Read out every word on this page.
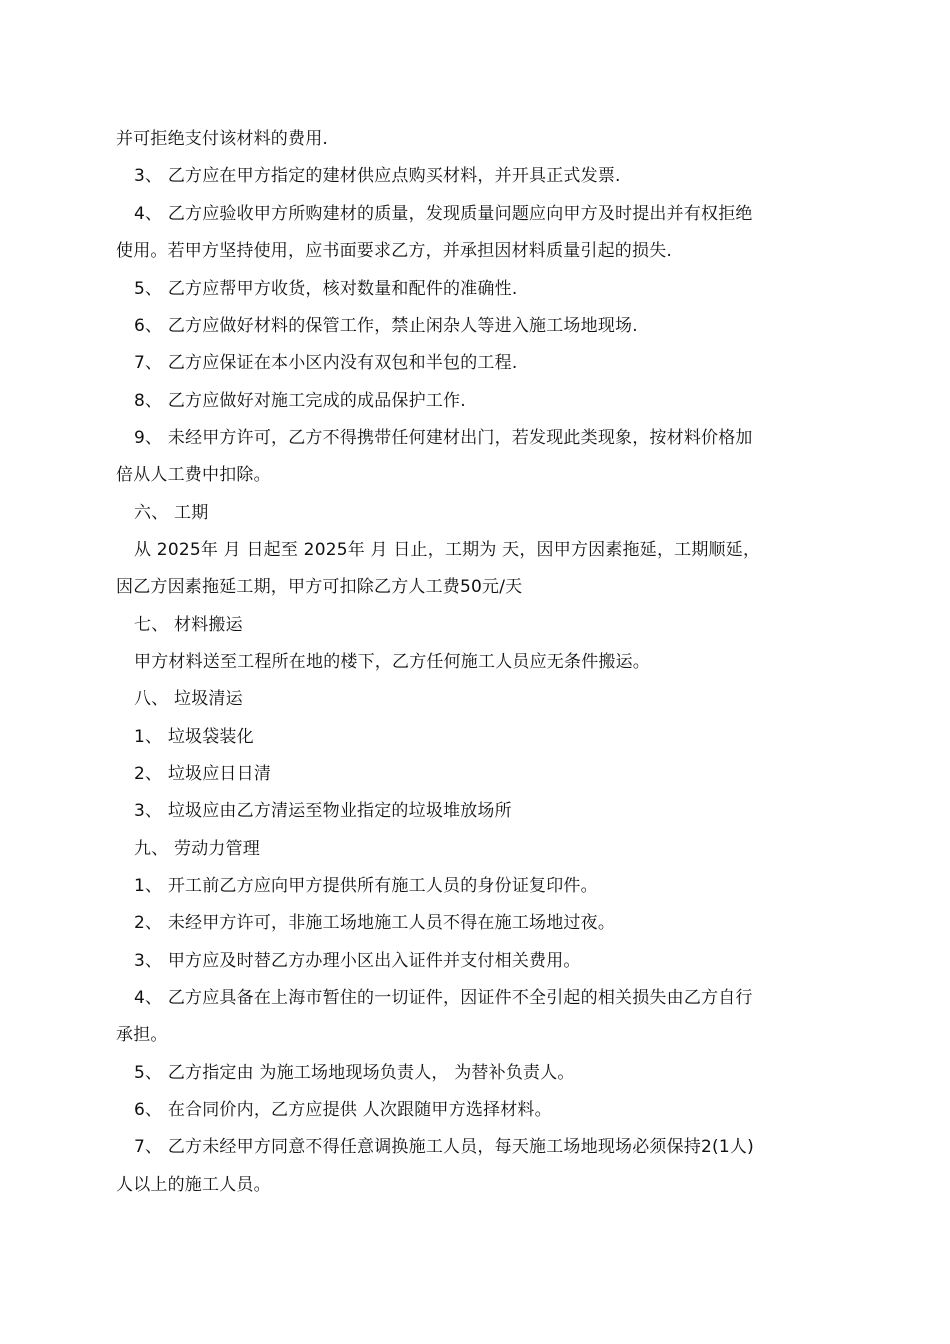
并可拒绝支付该材料的费用.
3、 乙方应在甲方指定的建材供应点购买材料，并开具正式发票.
4、 乙方应验收甲方所购建材的质量，发现质量问题应向甲方及时提出并有权拒绝
使用。若甲方坚持使用，应书面要求乙方，并承担因材料质量引起的损失.
5、 乙方应帮甲方收货，核对数量和配件的准确性.
6、 乙方应做好材料的保管工作，禁止闲杂人等进入施工场地现场.
7、 乙方应保证在本小区内没有双包和半包的工程.
8、 乙方应做好对施工完成的成品保护工作.
9、 未经甲方许可，乙方不得携带任何建材出门，若发现此类现象，按材料价格加
倍从人工费中扣除。
六、 工期
从 2025年 月 日起至 2025年 月 日止，工期为 天，因甲方因素拖延，工期顺延，
因乙方因素拖延工期，甲方可扣除乙方人工费50元/天
七、 材料搬运
甲方材料送至工程所在地的楼下，乙方任何施工人员应无条件搬运。
八、 垃圾清运
1、 垃圾袋装化
2、 垃圾应日日清
3、 垃圾应由乙方清运至物业指定的垃圾堆放场所
九、 劳动力管理
1、 开工前乙方应向甲方提供所有施工人员的身份证复印件。
2、 未经甲方许可，非施工场地施工人员不得在施工场地过夜。
3、 甲方应及时替乙方办理小区出入证件并支付相关费用。
4、 乙方应具备在上海市暂住的一切证件，因证件不全引起的相关损失由乙方自行
承担。
5、 乙方指定由 为施工场地现场负责人， 为替补负责人。
6、 在合同价内，乙方应提供 人次跟随甲方选择材料。
7、 乙方未经甲方同意不得任意调换施工人员，每天施工场地现场必须保持2(1人)
人以上的施工人员。
